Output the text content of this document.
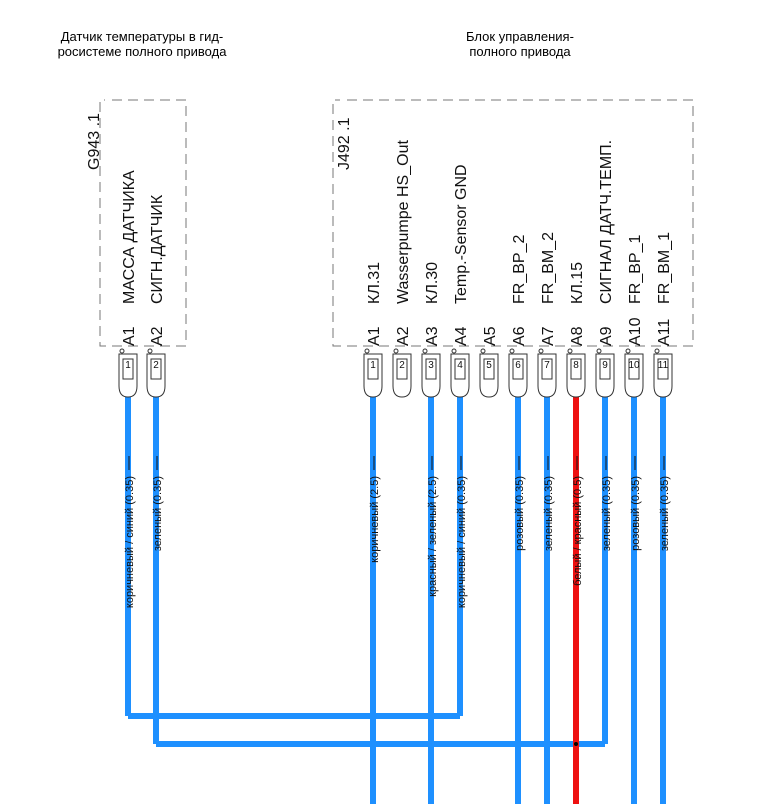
Датчик температуры в гид-
росистеме полного привода
Блок управления-
полного привода
G943 .1	J492 .1
коричневый / синий (0.35) зеленый (0.35)	коричневый (2.5)	красный / зеленый (2.5) коричневый / синий (0.35)	розовый (0.35) зеленый (0.35) белый / красный (0.5) зеленый (0.35) розовый (0.35) зеленый (0.35)
A1
МАССА ДАТЧИКА
1
A2
СИГН.ДАТЧИК
2
A1
КЛ.31
1
A2
Wasserpumpe HS_Out
2
A3
КЛ.30
3
A4
Temp.-Sensor GND
4
A5
5
A6
FR_BP_2
6
A7
FR_BM_2
7
A8
КЛ.15
8
A9
СИГНАЛ ДАТЧ.ТЕМП.
9
A10
FR_BP_1
10
A11
FR_BM_1
11
